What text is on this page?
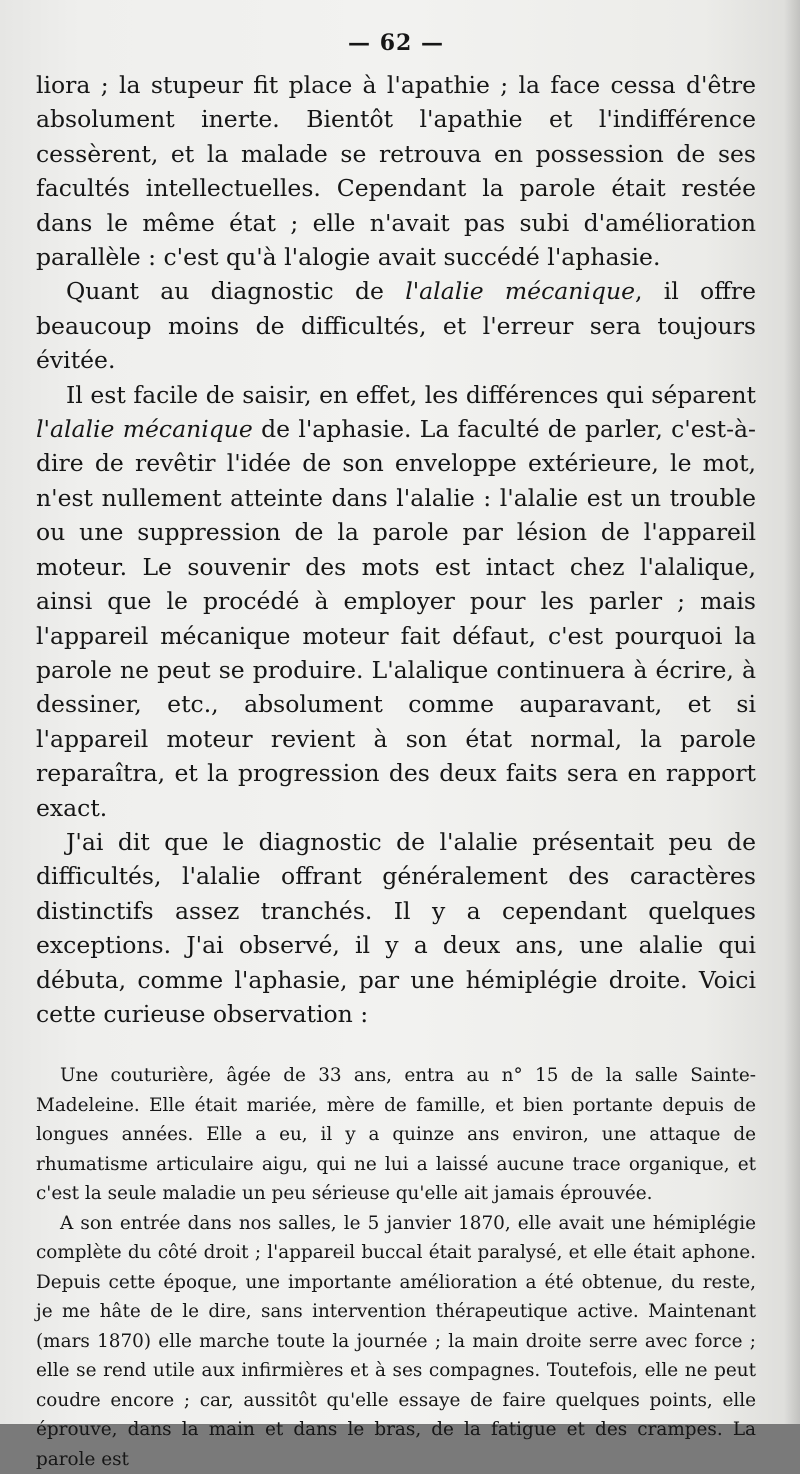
— 62 —

liora ; la stupeur fit place à l'apathie ; la face cessa d'être absolument inerte. Bientôt l'apathie et l'indifférence cessèrent, et la malade se retrouva en possession de ses facultés intellectuelles. Cependant la parole était restée dans le même état ; elle n'avait pas subi d'amélioration parallèle : c'est qu'à l'alogie avait succédé l'aphasie.

Quant au diagnostic de l'alalie mécanique, il offre beaucoup moins de difficultés, et l'erreur sera toujours évitée.

Il est facile de saisir, en effet, les différences qui séparent l'alalie mécanique de l'aphasie. La faculté de parler, c'est-à-dire de revêtir l'idée de son enveloppe extérieure, le mot, n'est nullement atteinte dans l'alalie : l'alalie est un trouble ou une suppression de la parole par lésion de l'appareil moteur. Le souvenir des mots est intact chez l'alalique, ainsi que le procédé à employer pour les parler ; mais l'appareil mécanique moteur fait défaut, c'est pourquoi la parole ne peut se produire. L'alalique continuera à écrire, à dessiner, etc., absolument comme auparavant, et si l'appareil moteur revient à son état normal, la parole reparaîtra, et la progression des deux faits sera en rapport exact.

J'ai dit que le diagnostic de l'alalie présentait peu de difficultés, l'alalie offrant généralement des caractères distinctifs assez tranchés. Il y a cependant quelques exceptions. J'ai observé, il y a deux ans, une alalie qui débuta, comme l'aphasie, par une hémiplégie droite. Voici cette curieuse observation :

Une couturière, âgée de 33 ans, entra au n° 15 de la salle Sainte-Madeleine. Elle était mariée, mère de famille, et bien portante depuis de longues années. Elle a eu, il y a quinze ans environ, une attaque de rhumatisme articulaire aigu, qui ne lui a laissé aucune trace organique, et c'est la seule maladie un peu sérieuse qu'elle ait jamais éprouvée.

A son entrée dans nos salles, le 5 janvier 1870, elle avait une hémiplégie complète du côté droit ; l'appareil buccal était paralysé, et elle était aphone. Depuis cette époque, une importante amélioration a été obtenue, du reste, je me hâte de le dire, sans intervention thérapeutique active. Maintenant (mars 1870) elle marche toute la journée ; la main droite serre avec force ; elle se rend utile aux infirmières et à ses compagnes. Toutefois, elle ne peut coudre encore ; car, aussitôt qu'elle essaye de faire quelques points, elle éprouve, dans la main et dans le bras, de la fatigue et des crampes. La parole est
